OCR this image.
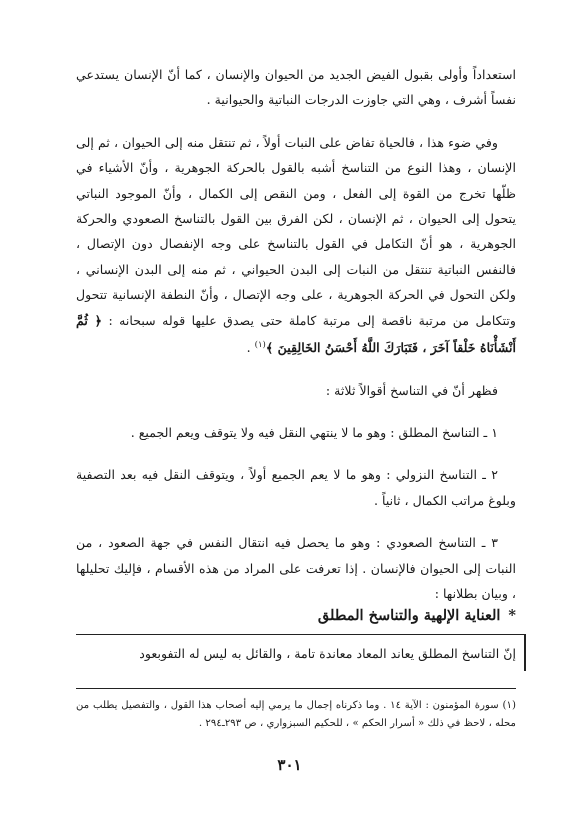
استعداداً وأولى بقبول الفيض الجديد من الحيوان والإنسان ، كما أنّ الإنسان يستدعي نفساً أشرف ، وهي التي جاوزت الدرجات النباتية والحيوانية .

وفي ضوء هذا ، فالحياة تفاض على النبات أولاً ، ثم تنتقل منه إلى الحيوان ، ثم إلى الإنسان ، وهذا النوع من التناسخ أشبه بالقول بالحركة الجوهرية ، وأنّ الأشياء في ظلّها تخرج من القوة إلى الفعل ، ومن النقص إلى الكمال ، وأنّ الموجود النباتي يتحول إلى الحيوان ، ثم الإنسان ، لكن الفرق بين القول بالتناسخ الصعودي والحركة الجوهرية ، هو أنّ التكامل في القول بالتناسخ على وجه الإنفصال دون الإتصال ، فالنفس النباتية تنتقل من النبات إلى البدن الحيواني ، ثم منه إلى البدن الإنساني ، ولكن التحول في الحركة الجوهرية ، على وجه الإتصال ، وأنّ النطفة الإنسانية تتحول وتتكامل من مرتبة ناقصة إلى مرتبة كاملة حتى يصدق عليها قوله سبحانه : ﴿ ثُمَّ أَنْشَأْنَاهُ خَلْقاً آخَرَ ، فَتَبَارَكَ اللَّهُ أَحْسَنُ الخَالِقِينَ ﴾$^{(١)}$ .

فظهر أنّ في التناسخ أقوالاً ثلاثة :

١ ـ التناسخ المطلق : وهو ما لا ينتهي النقل فيه ولا يتوقف ويعم الجميع .

٢ ـ التناسخ النزولي : وهو ما لا يعم الجميع أولاً ، ويتوقف النقل فيه بعد التصفية وبلوغ مراتب الكمال ، ثانياً .

٣ ـ التناسخ الصعودي : وهو ما يحصل فيه انتقال النفس في جهة الصعود ، من النبات إلى الحيوان فالإنسان . إذا تعرفت على المراد من هذه الأقسام ، فإليك تحليلها ، وبيان بطلانها :

*العناية الإلهية والتناسخ المطلق

إنّ التناسخ المطلق يعاند المعاد معاندة تامة ، والقائل به ليس له التفوبعود
(١) سورة المؤمنون : الآية ١٤ . وما ذكرناه إجمال ما يرمي إليه أصحاب هذا القول ، والتفصيل يطلب من محله ، لاحظ في ذلك « أسرار الحكم » ، للحكيم السبزواري ، ص ٢٩٣ـ٢٩٤ .
٣٠١
